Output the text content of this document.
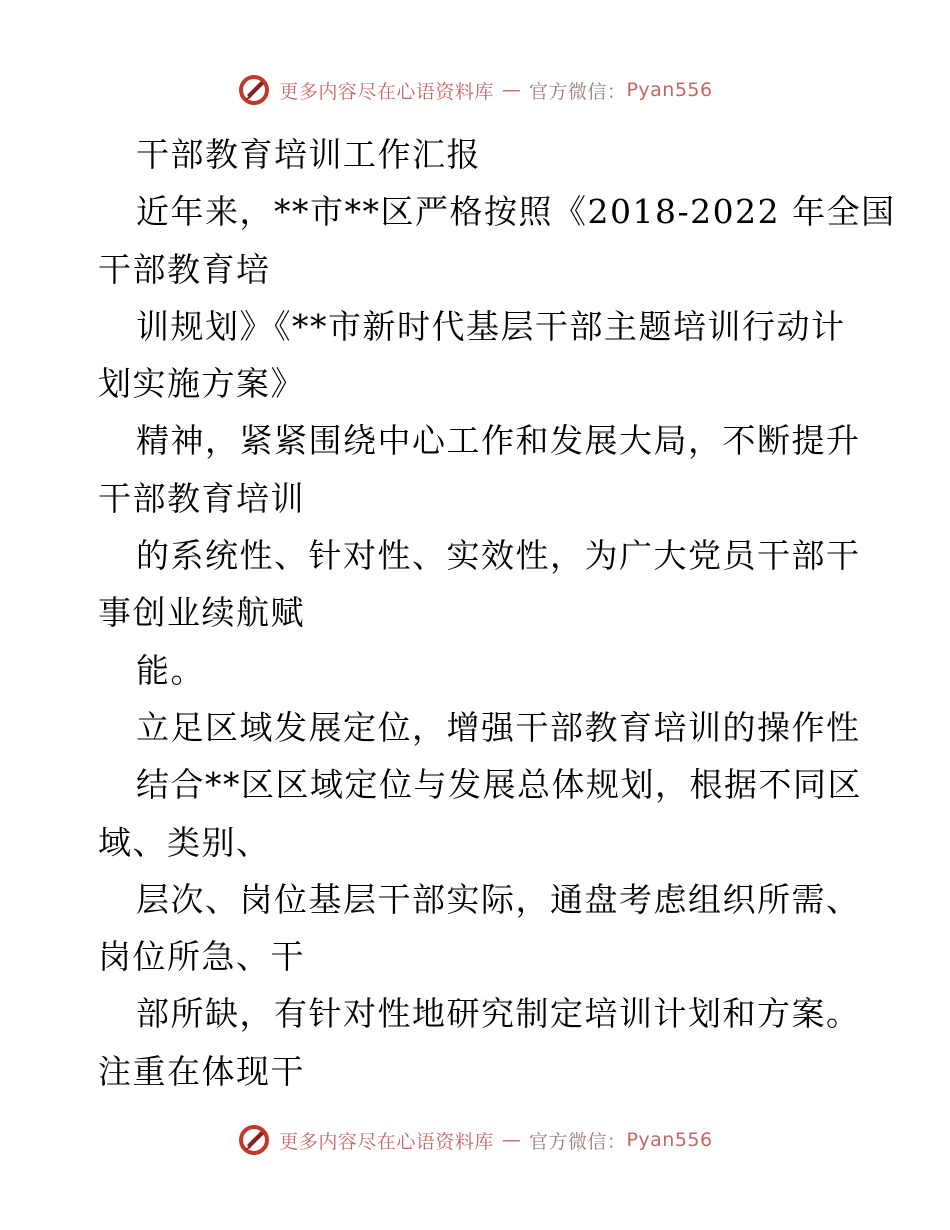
更多内容尽在心语资料库 — 官方微信： Pyan556
干部教育培训工作汇报
近年来，**市**区严格按照《2018-2022 年全国
干部教育培
训规划》《**市新时代基层干部主题培训行动计
划实施方案》
精神，紧紧围绕中心工作和发展大局，不断提升
干部教育培训
的系统性、针对性、实效性，为广大党员干部干
事创业续航赋
能。
立足区域发展定位，增强干部教育培训的操作性
结合**区区域定位与发展总体规划，根据不同区
域、类别、
层次、岗位基层干部实际，通盘考虑组织所需、
岗位所急、干
部所缺，有针对性地研究制定培训计划和方案。
注重在体现干
更多内容尽在心语资料库 — 官方微信： Pyan556
